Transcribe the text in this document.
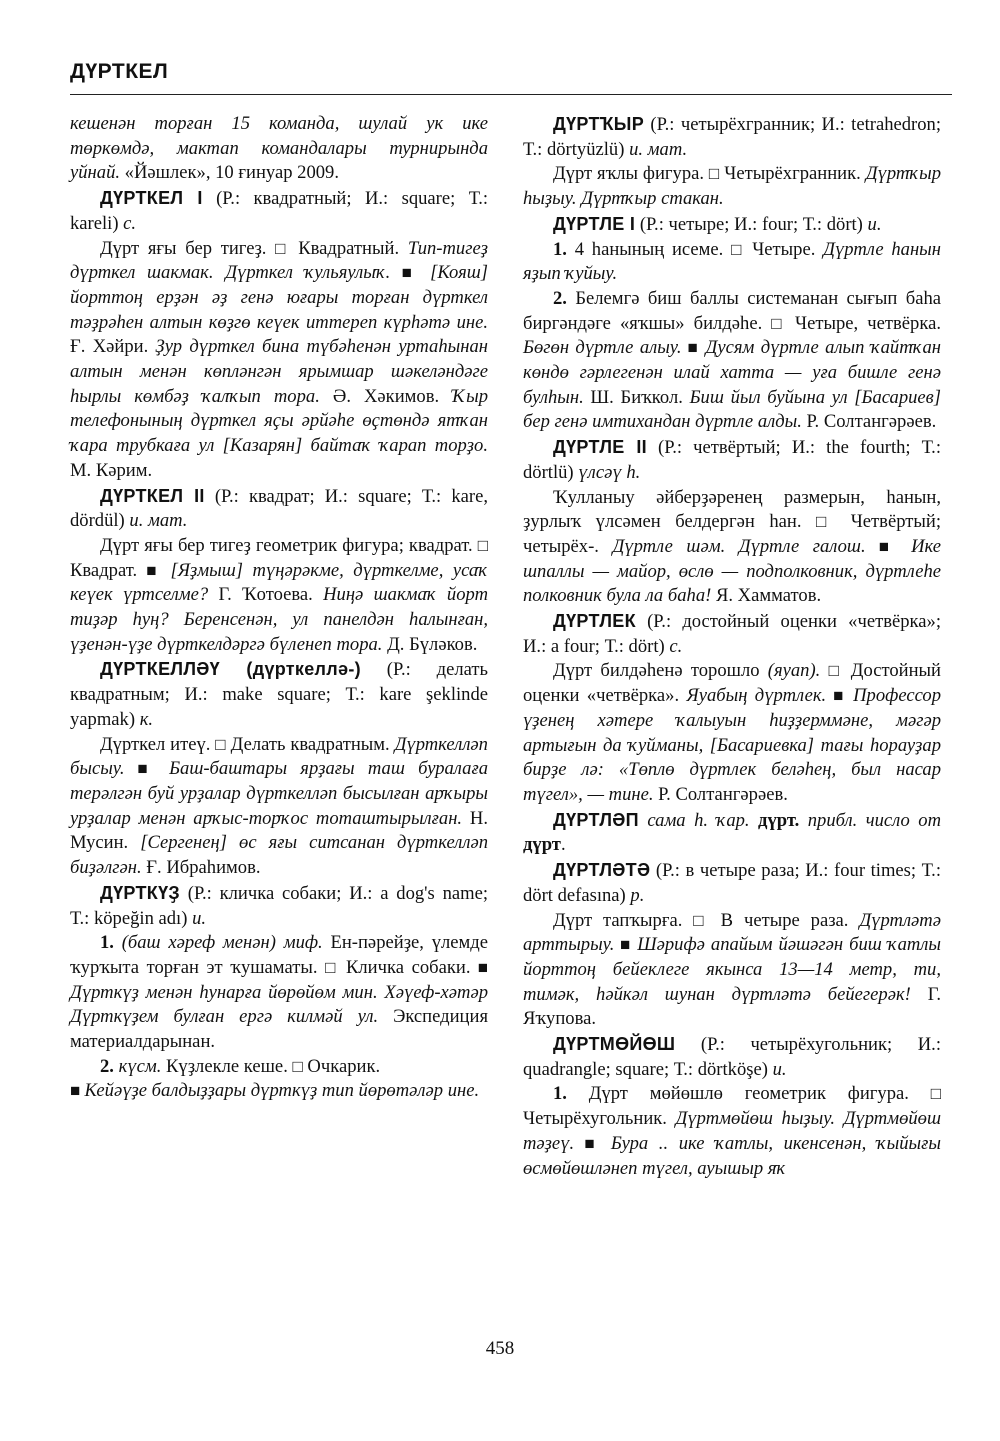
ДҮРТКЕЛ

кешенән торған 15 команда, шулай ук ике төркөмдә, мактап командалары турнирында уйнай. «Йәшлек», 10 ғинуар 2009.

ДҮРТКЕЛ I (Р.: квадратный; И.: square; Т.: kareli) с.

Дүрт яғы бер тигеҙ. □ Квадратный. Тип-тигеҙ дүрткел шакмак. Дүрткел ҡульяулыҡ. ■ [Кояш] йорттоң ерҙән әҙ генә юғары торған дүрткел тәҙрәһен алтын көҙгө кеүек иттереп күрһәтә ине. Ғ. Хәйри. Ҙур дүрткел бина түбәһенән уртаһынан алтын менән көпләнгән ярымшар шәкеләндәге һырлы көмбәҙ ҡалҡып тора. Ә. Хәкимов. Ҡыр телефонының дүрткел яҫы әрйәһе өҫтөндә ятҡан ҡара трубкаға ул [Казарян] байтаҡ ҡарап торҙо. М. Кәрим.

ДҮРТКЕЛ II (Р.: квадрат; И.: square; Т.: kare, dördül) и. мат.

Дүрт яғы бер тигеҙ геометрик фигура; квадрат. □ Квадрат. ■ [Яҙмыш] түңәрәкме, дүрткелме, усаҡ кеүек үртселме? Г. Ҡотоева. Ниңә шакмаҡ йорт тиҙәр һуң? Беренсенән, ул панелдән һалынған, үҙенән-үҙе дүрткелдәргә бүленеп тора. Д. Бүләков.

ДҮРТКЕЛЛӘҮ (дүрткеллә-) (Р.: делать квадратным; И.: make square; Т.: kare şeklinde yapmak) к.

Дүрткел итеү. □ Делать квадратным. Дүрткелләп бысыу. ■ Баш-баштары ярҙағы таш буралаға терәлгән буй урҙалар дүрткелләп бысылған арҡыры урҙалар менән арҡыс-торҡос тоташтырылған. Н. Мусин. [Сергенең] өс яғы ситсанан дүрткелләп биҙәлгән. Ғ. Ибраһимов.

ДҮРТКҮҘ (Р.: кличка собаки; И.: a dog's name; Т.: köpeğin adı) и.

1. (баш хәреф менән) миф. Ен-пәрейҙе, үлемде ҡурҡыта торған эт ҡушаматы. □ Кличка собаки. ■ Дүрткүҙ менән һунарға йөрөйөм мин. Хәүеф-хәтәр Дүрткүҙем булған ергә килмәй ул. Экспедиция материалдарынан.

2. күсм. Күҙлекле кеше. □ Очкарик.

■ Кейәүҙе балдыҙҙары дүрткүҙ тип йөрөтәләр ине.

ДҮРТҠЫР (Р.: четырёхгранник; И.: tetrahedron; Т.: dörtyüzlü) и. мат.

Дүрт яҡлы фигура. □ Четырёхгранник. Дүртҡыр һыҙыу. Дүртҡыр стакан.

ДҮРТЛЕ I (Р.: четыре; И.: four; Т.: dört) и.

1. 4 һанының исеме. □ Четыре. Дүртле һанын яҙып ҡуйыу.

2. Белемгә биш баллы системанан сығып баһа биргәндәге «яҡшы» билдәһе. □ Четыре, четвёрка. Бөгөн дүртле алыу. ■ Дусям дүртле алып ҡайтҡан көндө гәрлегенән илай хатта — уға бишле генә булһын. Ш. Биҡкол. Биш йыл буйына ул [Басариев] бер генә имтихандан дүртле алды. Р. Солтангәрәев.

ДҮРТЛЕ II (Р.: четвёртый; И.: the fourth; Т.: dörtlü) үлсәү һ.

Ҡулланыу әйберҙәренең размерын, һанын, ҙурлыҡ үлсәмен белдергән һан. □ Четвёртый; четырёх-. Дүртле шәм. Дүртле галош. ■ Ике шпаллы — майор, өслө — подполковник, дүртлеһе полковник була ла баһа! Я. Хамматов.

ДҮРТЛЕК (Р.: достойный оценки «четвёрка»; И.: a four; Т.: dört) с.

Дүрт билдәһенә торошло (яуап). □ Достойный оценки «четвёрка». Яуабың дүртлек. ■ Профессор үҙенең хәтере ҡалыуын һиҙҙерммәне, мәгәр артығын да ҡуйманы, [Басариевка] тағы һорауҙар бирҙе лә: «Төплө дүртлек беләһең, был насар түгел», — тине. Р. Солтангәрәев.

ДҮРТЛӘП сама һ. ҡар. дүрт. прибл. число от дүрт.

ДҮРТЛӘТӘ (Р.: в четыре раза; И.: four times; Т.: dört defasına) р.

Дүрт тапҡырға. □ В четыре раза. Дүртләтә арттырыу. ■ Шәрифә апайым йәшәгән биш ҡатлы йорттоң бейеклеге якынса 13—14 метр, ти, тимәк, һәйкәл шунан дүртләтә бейегерәк! Г. Яҡупова.

ДҮРТМӨЙӨШ (Р.: четырёхугольник; И.: quadrangle; square; Т.: dörtköşe) и.

1. Дүрт мөйөшлө геометрик фигура. □ Четырёхугольник. Дүртмөйөш һыҙыу. Дүртмөйөш тәҙеү. ■ Бура .. ике ҡатлы, икенсенән, ҡыйығы өсмөйөшләнеп түгел, ауышыр яҡ

458
